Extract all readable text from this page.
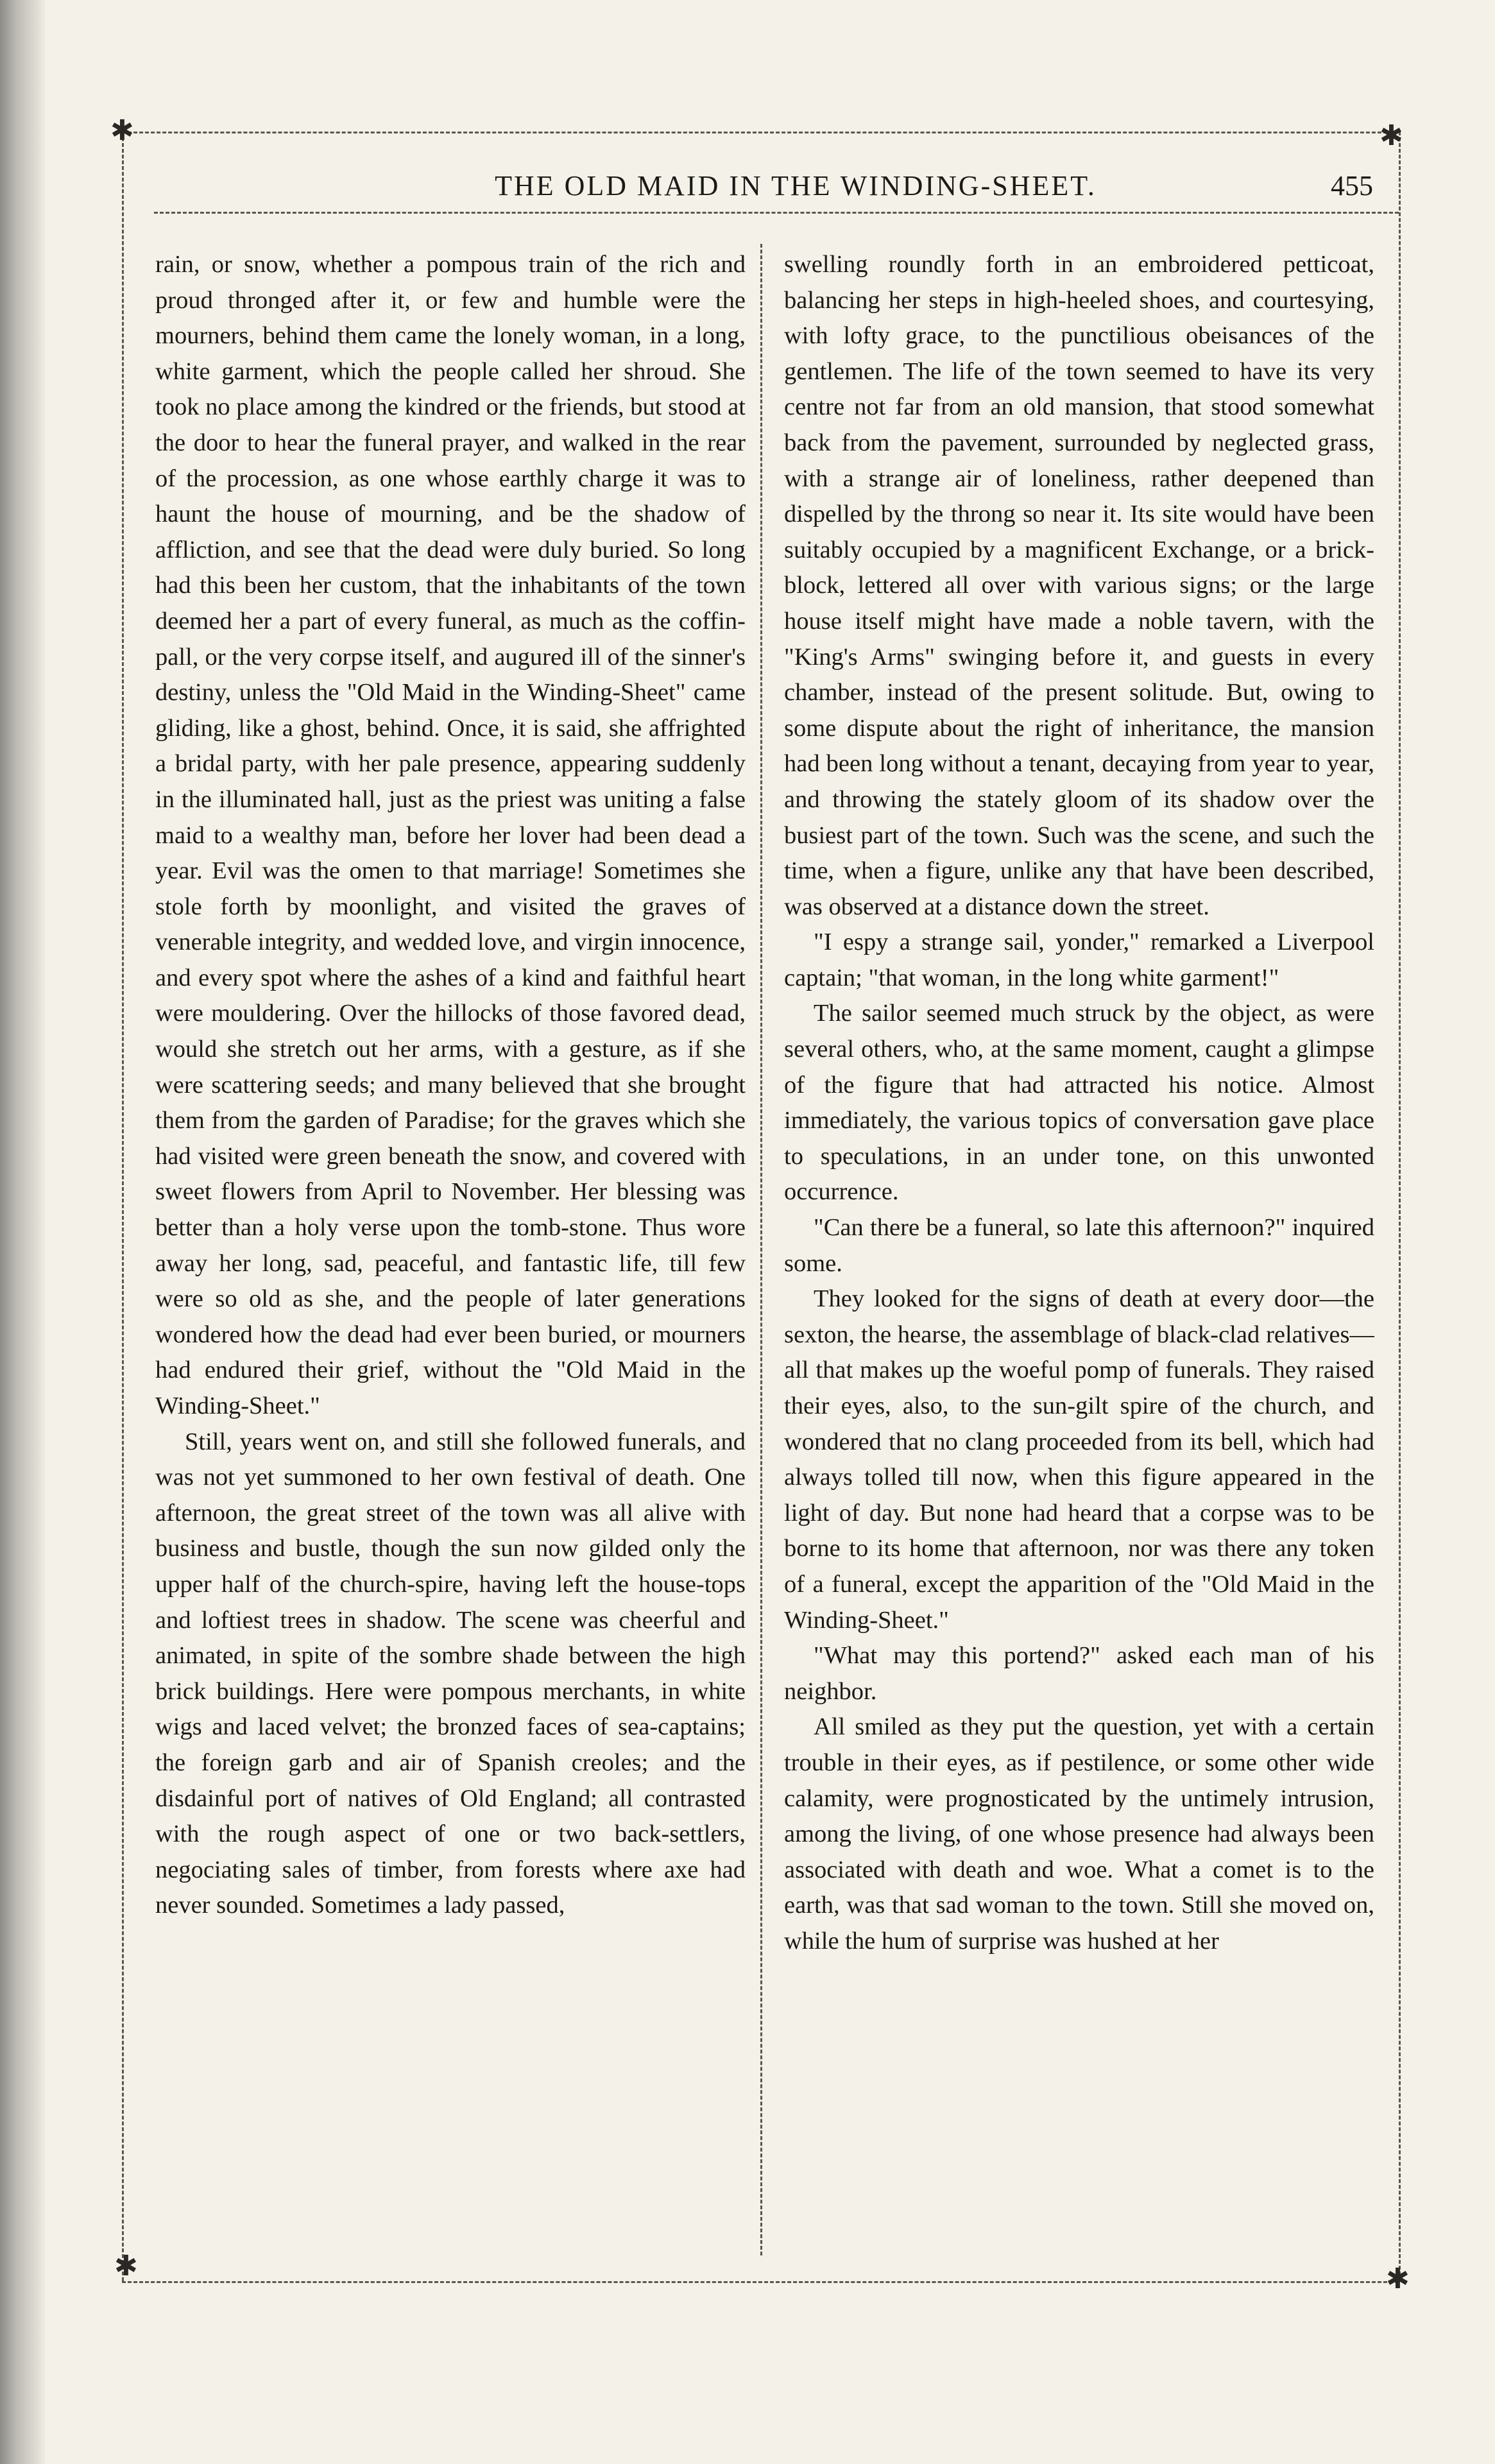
✱	✱
✱	✱
THE OLD MAID IN THE WINDING-SHEET.	455

rain, or snow, whether a pompous train of the rich and proud thronged after it, or few and humble were the mourners, behind them came the lonely woman, in a long, white garment, which the people called her shroud. She took no place among the kindred or the friends, but stood at the door to hear the funeral prayer, and walked in the rear of the procession, as one whose earthly charge it was to haunt the house of mourning, and be the shadow of affliction, and see that the dead were duly buried. So long had this been her custom, that the inhabitants of the town deemed her a part of every funeral, as much as the coffin-pall, or the very corpse itself, and augured ill of the sinner's destiny, unless the "Old Maid in the Winding-Sheet" came gliding, like a ghost, behind. Once, it is said, she affrighted a bridal party, with her pale presence, appearing suddenly in the illuminated hall, just as the priest was uniting a false maid to a wealthy man, before her lover had been dead a year. Evil was the omen to that marriage! Sometimes she stole forth by moonlight, and visited the graves of venerable integrity, and wedded love, and virgin innocence, and every spot where the ashes of a kind and faithful heart were mouldering. Over the hillocks of those favored dead, would she stretch out her arms, with a gesture, as if she were scattering seeds; and many believed that she brought them from the garden of Paradise; for the graves which she had visited were green beneath the snow, and covered with sweet flowers from April to November. Her blessing was better than a holy verse upon the tomb-stone. Thus wore away her long, sad, peaceful, and fantastic life, till few were so old as she, and the people of later generations wondered how the dead had ever been buried, or mourners had endured their grief, without the "Old Maid in the Winding-Sheet."

Still, years went on, and still she followed funerals, and was not yet summoned to her own festival of death. One afternoon, the great street of the town was all alive with business and bustle, though the sun now gilded only the upper half of the church-spire, having left the house-tops and loftiest trees in shadow. The scene was cheerful and animated, in spite of the sombre shade between the high brick buildings. Here were pompous merchants, in white wigs and laced velvet; the bronzed faces of sea-captains; the foreign garb and air of Spanish creoles; and the disdainful port of natives of Old England; all contrasted with the rough aspect of one or two back-settlers, negociating sales of timber, from forests where axe had never sounded. Sometimes a lady passed,

swelling roundly forth in an embroidered petticoat, balancing her steps in high-heeled shoes, and courtesying, with lofty grace, to the punctilious obeisances of the gentlemen. The life of the town seemed to have its very centre not far from an old mansion, that stood somewhat back from the pavement, surrounded by neglected grass, with a strange air of loneliness, rather deepened than dispelled by the throng so near it. Its site would have been suitably occupied by a magnificent Exchange, or a brick-block, lettered all over with various signs; or the large house itself might have made a noble tavern, with the "King's Arms" swinging before it, and guests in every chamber, instead of the present solitude. But, owing to some dispute about the right of inheritance, the mansion had been long without a tenant, decaying from year to year, and throwing the stately gloom of its shadow over the busiest part of the town. Such was the scene, and such the time, when a figure, unlike any that have been described, was observed at a distance down the street.

"I espy a strange sail, yonder," remarked a Liverpool captain; "that woman, in the long white garment!"

The sailor seemed much struck by the object, as were several others, who, at the same moment, caught a glimpse of the figure that had attracted his notice. Almost immediately, the various topics of conversation gave place to speculations, in an under tone, on this unwonted occurrence.

"Can there be a funeral, so late this afternoon?" inquired some.

They looked for the signs of death at every door—the sexton, the hearse, the assemblage of black-clad relatives—all that makes up the woeful pomp of funerals. They raised their eyes, also, to the sun-gilt spire of the church, and wondered that no clang proceeded from its bell, which had always tolled till now, when this figure appeared in the light of day. But none had heard that a corpse was to be borne to its home that afternoon, nor was there any token of a funeral, except the apparition of the "Old Maid in the Winding-Sheet."

"What may this portend?" asked each man of his neighbor.

All smiled as they put the question, yet with a certain trouble in their eyes, as if pestilence, or some other wide calamity, were prognosticated by the untimely intrusion, among the living, of one whose presence had always been associated with death and woe. What a comet is to the earth, was that sad woman to the town. Still she moved on, while the hum of surprise was hushed at her
